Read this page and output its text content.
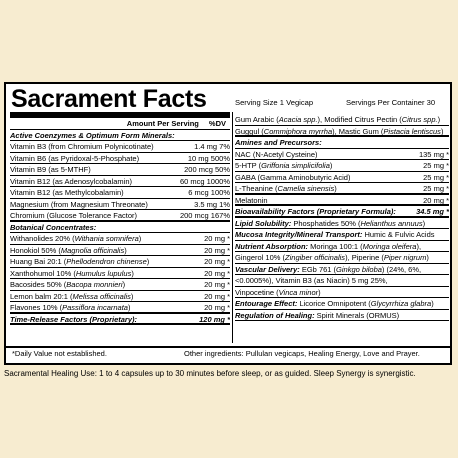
Sacrament Facts	Serving Size 1 Vegicap	Servings Per Container 30
Amount Per Serving %DV
Active Coenzymes & Optimum Form Minerals:
Vitamin B3 (from Chromium Polynicotinate)	1.4 mg 7%
Vitamin B6 (as Pyridoxal-5-Phosphate)	10 mg 500%
Vitamin B9 (as 5-MTHF)	200 mcg 50%
Vitamin B12 (as Adenosylcobalamin)	60 mcg 1000%
Vitamin B12 (as Methylcobalamin)	6 mcg 100%
Magnesium (from Magnesium Threonate)	3.5 mg 1%
Chromium (Glucose Tolerance Factor)	200 mcg 167%
Botanical Concentrates:
Withanolides 20% (Withania somnifera)	20 mg *
Honokiol 50% (Magnolia officinalis)	20 mg *
Huang Bai 20:1 (Phellodendron chinense)	20 mg *
Xanthohumol 10% (Humulus lupulus)	20 mg *
Bacosides 50% (Bacopa monnieri)	20 mg *
Lemon balm 20:1 (Melissa officinalis)	20 mg *
Flavones 10% (Passiflora incarnata)	20 mg *
Time-Release Factors (Proprietary):	120 mg *
Gum Arabic (Acacia spp.), Modified Citrus Pectin (Citrus spp.)
Guggul (Commiphora myrrha), Mastic Gum (Pistacia lentiscus)
Amines and Precursors:
NAC (N-Acetyl Cysteine)	135 mg *
5-HTP (Griffonia simplicifolia)	25 mg *
GABA (Gamma Aminobutyric Acid)	25 mg *
L-Theanine (Camelia sinensis)	25 mg *
Melatonin	20 mg *
Bioavailability Factors (Proprietary Formula):	34.5 mg *
Lipid Solubility: Phosphatides 50% (Helianthus annuus)
Mucosa Integrity/Mineral Transport: Humic & Fulvic Acids
Nutrient Absorption: Moringa 100:1 (Moringa oleifera),
Gingerol 10% (Zingiber officinalis), Piperine (Piper nigrum)
Vascular Delivery: EGb 761 (Ginkgo biloba) (24%, 6%,
<0.0005%), Vitamin B3 (as Niacin) 5 mg 25%,
Vinpocetine (Vinca minor)
Entourage Effect: Licorice Omnipotent (Glycyrrhiza glabra)
Regulation of Healing: Spirit Minerals (ORMUS)
*Daily Value not established.	Other ingredients: Pullulan vegicaps, Healing Energy, Love and Prayer.
Sacramental Healing Use: 1 to 4 capsules up to 30 minutes before sleep, or as guided. Sleep Synergy is synergistic.
